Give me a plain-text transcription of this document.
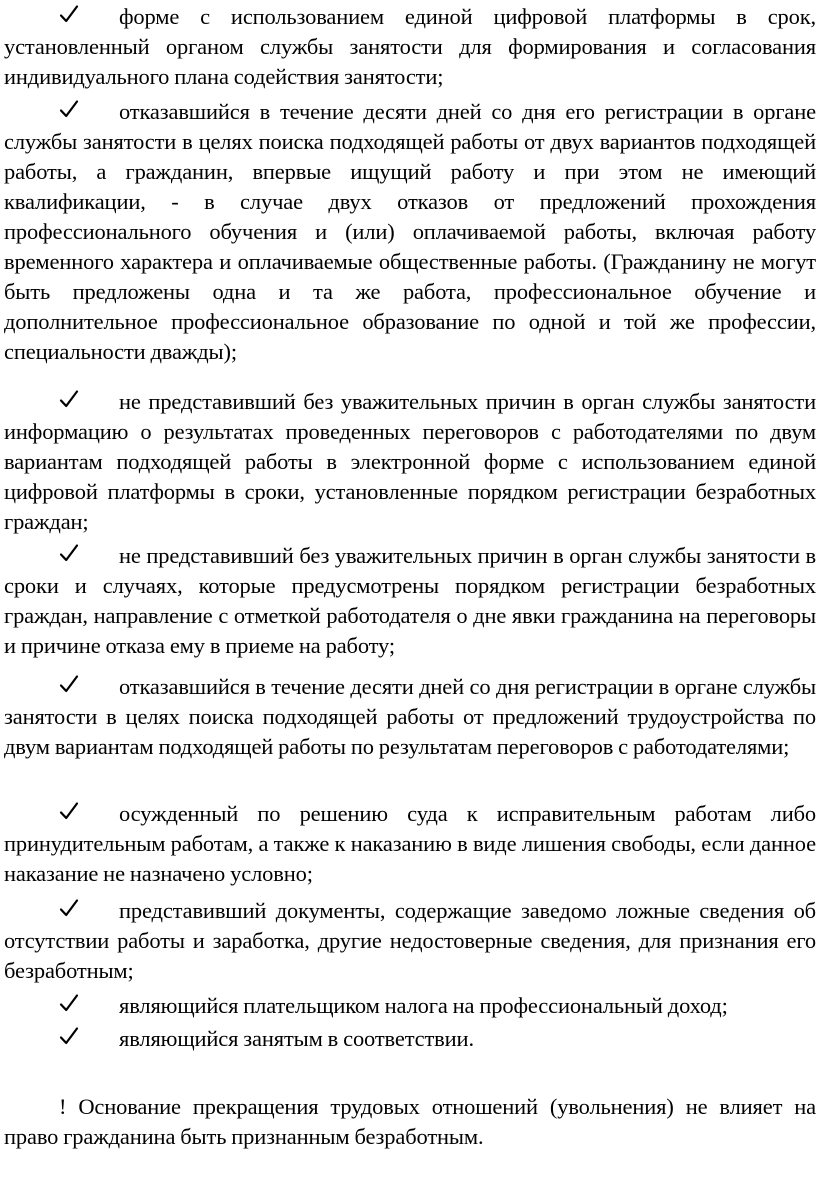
форме с использованием единой цифровой платформы в срок, установленный органом службы занятости для формирования и согласования индивидуального плана содействия занятости;
отказавшийся в течение десяти дней со дня его регистрации в органе службы занятости в целях поиска подходящей работы от двух вариантов подходящей работы, а гражданин, впервые ищущий работу и при этом не имеющий квалификации, - в случае двух отказов от предложений прохождения профессионального обучения и (или) оплачиваемой работы, включая работу временного характера и оплачиваемые общественные работы. (Гражданину не могут быть предложены одна и та же работа, профессиональное обучение и дополнительное профессиональное образование по одной и той же профессии, специальности дважды);
не представивший без уважительных причин в орган службы занятости информацию о результатах проведенных переговоров с работодателями по двум вариантам подходящей работы в электронной форме с использованием единой цифровой платформы в сроки, установленные порядком регистрации безработных граждан;
не представивший без уважительных причин в орган службы занятости в сроки и случаях, которые предусмотрены порядком регистрации безработных граждан, направление с отметкой работодателя о дне явки гражданина на переговоры и причине отказа ему в приеме на работу;
отказавшийся в течение десяти дней со дня регистрации в органе службы занятости в целях поиска подходящей работы от предложений трудоустройства по двум вариантам подходящей работы по результатам переговоров с работодателями;
осужденный по решению суда к исправительным работам либо принудительным работам, а также к наказанию в виде лишения свободы, если данное наказание не назначено условно;
представивший документы, содержащие заведомо ложные сведения об отсутствии работы и заработка, другие недостоверные сведения, для признания его безработным;
являющийся плательщиком налога на профессиональный доход;
являющийся занятым в соответствии.
! Основание прекращения трудовых отношений (увольнения) не влияет на право гражданина быть признанным безработным.
